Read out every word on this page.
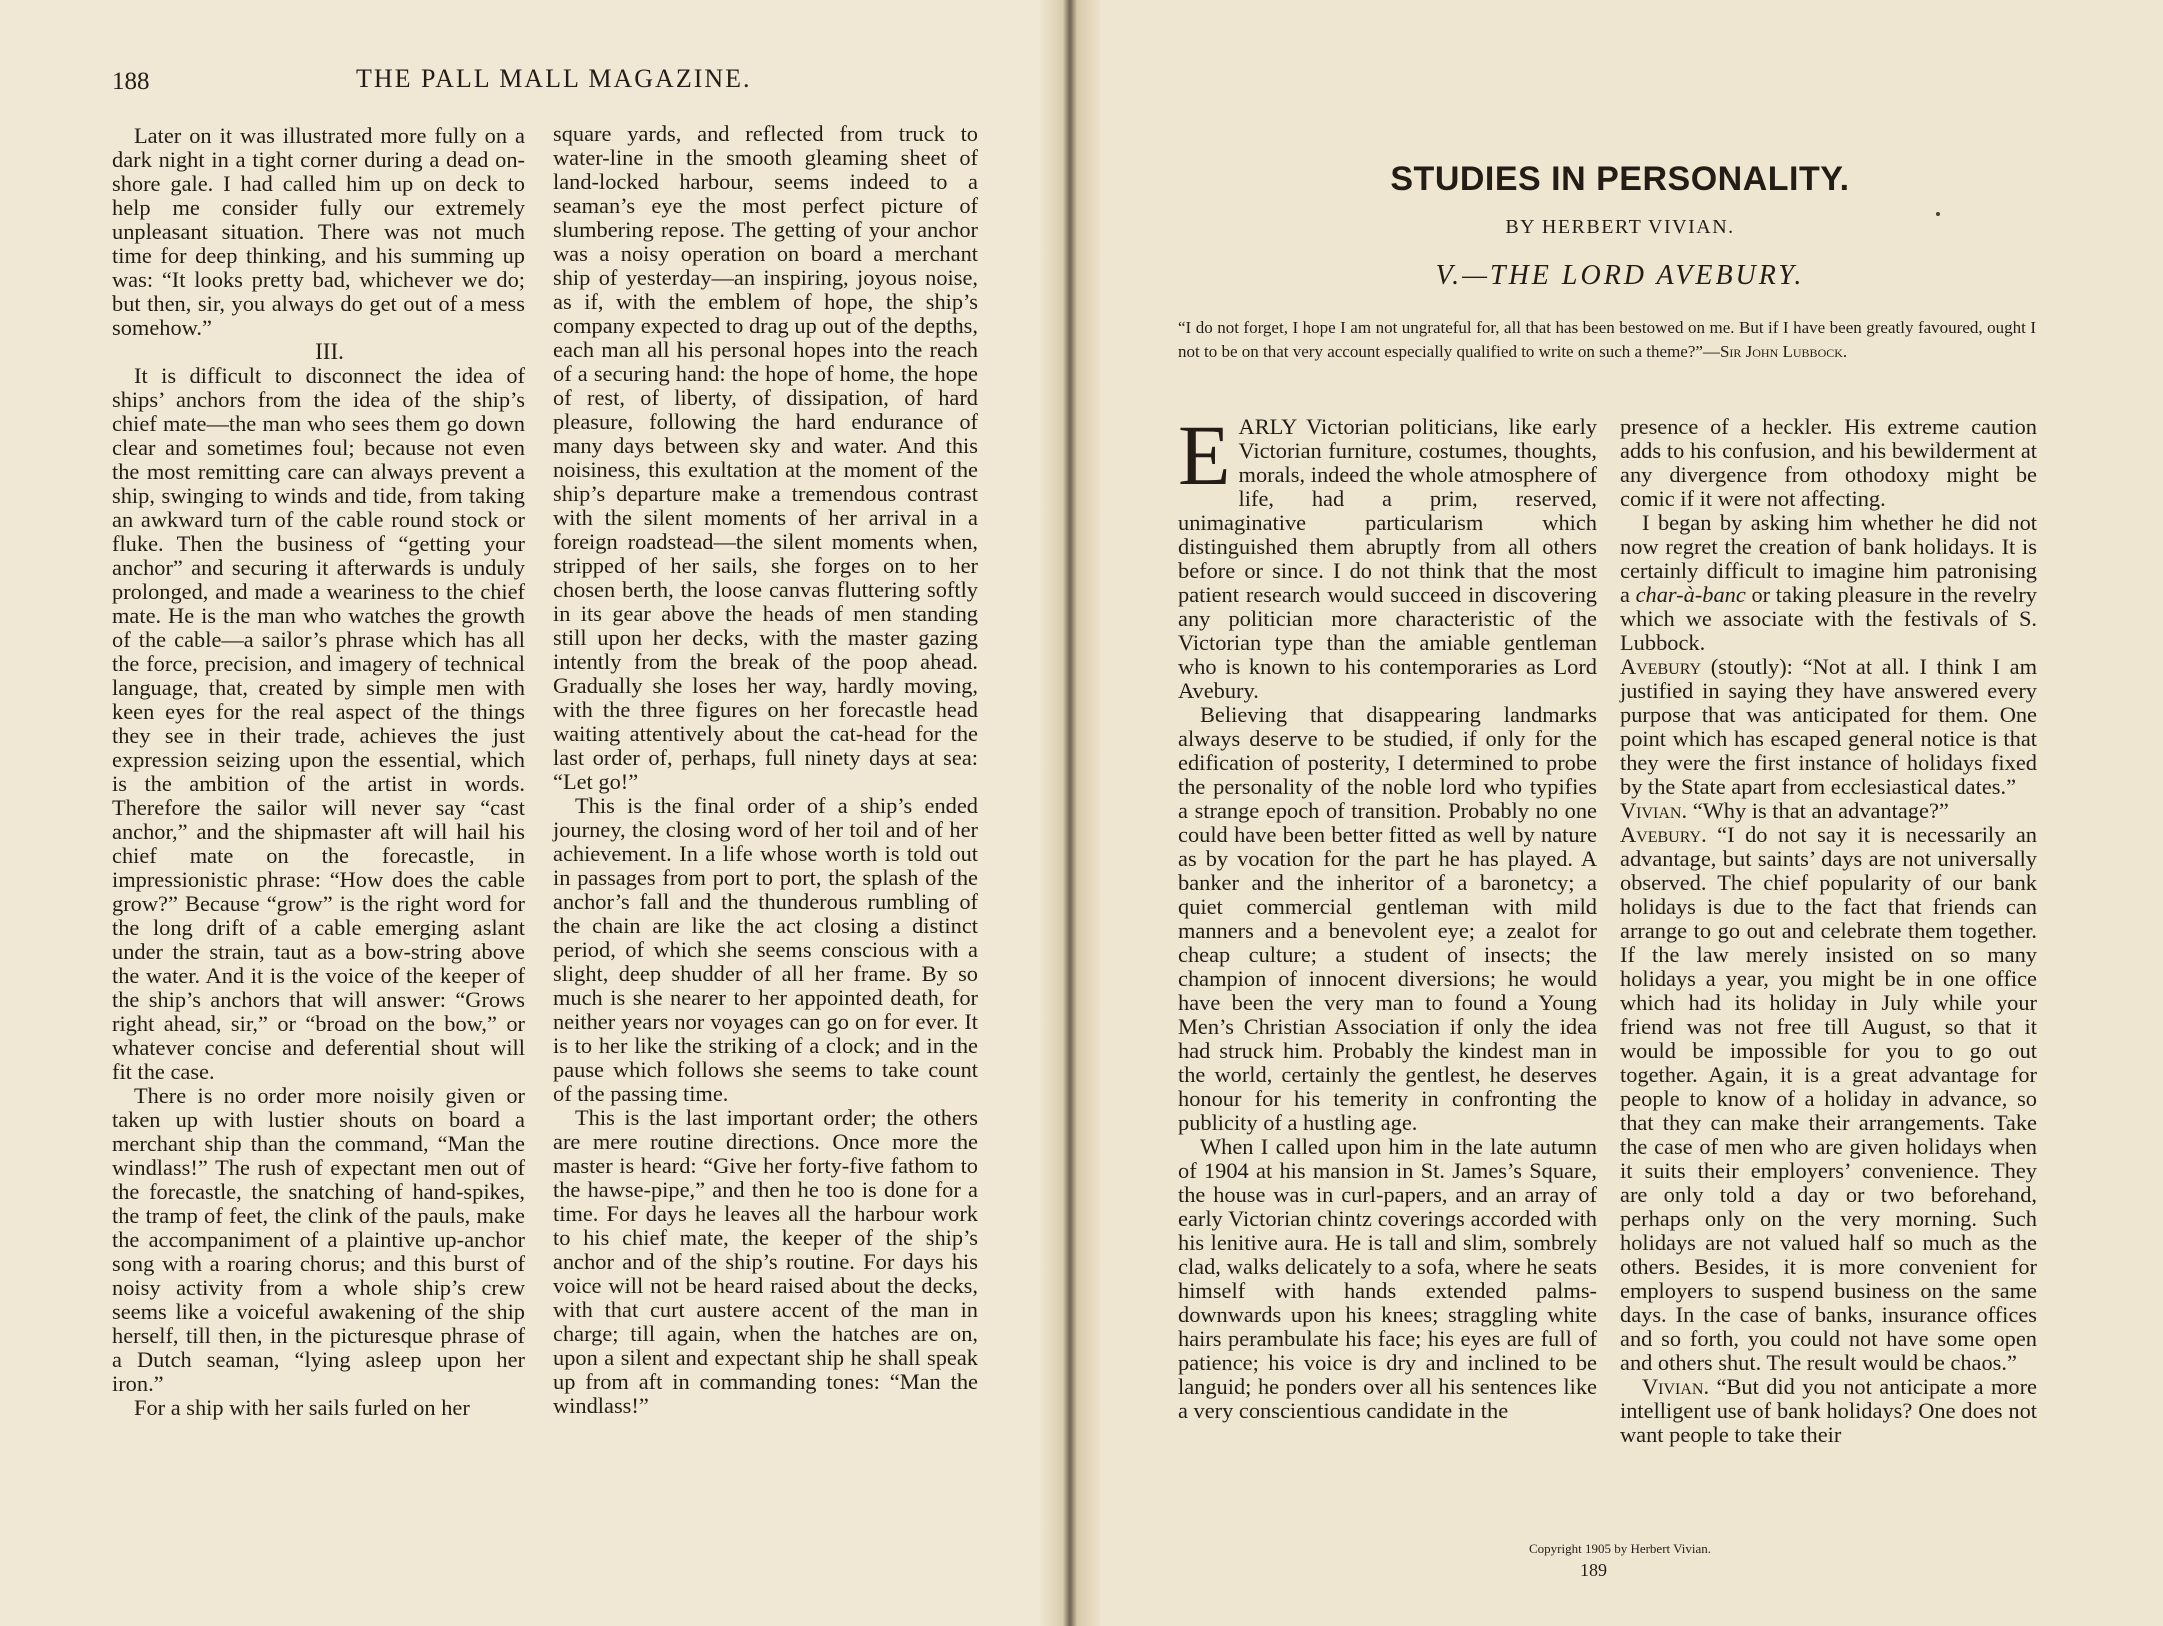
188	THE PALL MALL MAGAZINE.

Later on it was illustrated more fully on a dark night in a tight corner during a dead on-shore gale. I had called him up on deck to help me consider fully our extremely unpleasant situation. There was not much time for deep thinking, and his summing up was: “It looks pretty bad, whichever we do; but then, sir, you always do get out of a mess somehow.”

III.

It is difficult to disconnect the idea of ships’ anchors from the idea of the ship’s chief mate—the man who sees them go down clear and sometimes foul; because not even the most remitting care can always prevent a ship, swinging to winds and tide, from taking an awkward turn of the cable round stock or fluke. Then the business of “getting your anchor” and securing it afterwards is unduly prolonged, and made a weariness to the chief mate. He is the man who watches the growth of the cable—a sailor’s phrase which has all the force, precision, and imagery of technical language, that, created by simple men with keen eyes for the real aspect of the things they see in their trade, achieves the just expression seizing upon the essential, which is the ambition of the artist in words. Therefore the sailor will never say “cast anchor,” and the shipmaster aft will hail his chief mate on the forecastle, in impressionistic phrase: “How does the cable grow?” Because “grow” is the right word for the long drift of a cable emerging aslant under the strain, taut as a bow-string above the water. And it is the voice of the keeper of the ship’s anchors that will answer: “Grows right ahead, sir,” or “broad on the bow,” or whatever concise and deferential shout will fit the case.

There is no order more noisily given or taken up with lustier shouts on board a merchant ship than the command, “Man the windlass!” The rush of expectant men out of the forecastle, the snatching of hand-spikes, the tramp of feet, the clink of the pauls, make the accompaniment of a plaintive up-anchor song with a roaring chorus; and this burst of noisy activity from a whole ship’s crew seems like a voiceful awakening of the ship herself, till then, in the picturesque phrase of a Dutch seaman, “lying asleep upon her iron.”

For a ship with her sails furled on her

square yards, and reflected from truck to water-line in the smooth gleaming sheet of land-locked harbour, seems indeed to a seaman’s eye the most perfect picture of slumbering repose. The getting of your anchor was a noisy operation on board a merchant ship of yesterday—an inspiring, joyous noise, as if, with the emblem of hope, the ship’s company expected to drag up out of the depths, each man all his personal hopes into the reach of a securing hand: the hope of home, the hope of rest, of liberty, of dissipation, of hard pleasure, following the hard endurance of many days between sky and water. And this noisiness, this exultation at the moment of the ship’s departure make a tremendous contrast with the silent moments of her arrival in a foreign roadstead—the silent moments when, stripped of her sails, she forges on to her chosen berth, the loose canvas fluttering softly in its gear above the heads of men standing still upon her decks, with the master gazing intently from the break of the poop ahead. Gradually she loses her way, hardly moving, with the three figures on her forecastle head waiting attentively about the cat-head for the last order of, perhaps, full ninety days at sea: “Let go!”

This is the final order of a ship’s ended journey, the closing word of her toil and of her achievement. In a life whose worth is told out in passages from port to port, the splash of the anchor’s fall and the thunderous rumbling of the chain are like the act closing a distinct period, of which she seems conscious with a slight, deep shudder of all her frame. By so much is she nearer to her appointed death, for neither years nor voyages can go on for ever. It is to her like the striking of a clock; and in the pause which follows she seems to take count of the passing time.

This is the last important order; the others are mere routine directions. Once more the master is heard: “Give her forty-five fathom to the hawse-pipe,” and then he too is done for a time. For days he leaves all the harbour work to his chief mate, the keeper of the ship’s anchor and of the ship’s routine. For days his voice will not be heard raised about the decks, with that curt austere accent of the man in charge; till again, when the hatches are on, upon a silent and expectant ship he shall speak up from aft in commanding tones: “Man the windlass!”

STUDIES IN PERSONALITY.
BY HERBERT VIVIAN.
V.—THE LORD AVEBURY.
“I do not forget, I hope I am not ungrateful for, all that has been bestowed on me. But if I have been greatly favoured, ought I not to be on that very account especially qualified to write on such a theme?”—Sir John Lubbock.

EARLY Victorian politicians, like early Victorian furniture, costumes, thoughts, morals, indeed the whole atmosphere of life, had a prim, reserved, unimaginative particularism which distinguished them abruptly from all others before or since. I do not think that the most patient research would succeed in discovering any politician more characteristic of the Victorian type than the amiable gentleman who is known to his contemporaries as Lord Avebury.

Believing that disappearing landmarks always deserve to be studied, if only for the edification of posterity, I determined to probe the personality of the noble lord who typifies a strange epoch of transition. Probably no one could have been better fitted as well by nature as by vocation for the part he has played. A banker and the inheritor of a baronetcy; a quiet commercial gentleman with mild manners and a benevolent eye; a zealot for cheap culture; a student of insects; the champion of innocent diversions; he would have been the very man to found a Young Men’s Christian Association if only the idea had struck him. Probably the kindest man in the world, certainly the gentlest, he deserves honour for his temerity in confronting the publicity of a hustling age.

When I called upon him in the late autumn of 1904 at his mansion in St. James’s Square, the house was in curl-papers, and an array of early Victorian chintz coverings accorded with his lenitive aura. He is tall and slim, sombrely clad, walks delicately to a sofa, where he seats himself with hands extended palms-downwards upon his knees; straggling white hairs perambulate his face; his eyes are full of patience; his voice is dry and inclined to be languid; he ponders over all his sentences like a very conscientious candidate in the

presence of a heckler. His extreme caution adds to his confusion, and his bewilderment at any divergence from othodoxy might be comic if it were not affecting.

I began by asking him whether he did not now regret the creation of bank holidays. It is certainly difficult to imagine him patronising a char-à-banc or taking pleasure in the revelry which we associate with the festivals of S. Lubbock.

Avebury (stoutly): “Not at all. I think I am justified in saying they have answered every purpose that was anticipated for them. One point which has escaped general notice is that they were the first instance of holidays fixed by the State apart from ecclesiastical dates.”

Vivian. “Why is that an advantage?”

Avebury. “I do not say it is necessarily an advantage, but saints’ days are not universally observed. The chief popularity of our bank holidays is due to the fact that friends can arrange to go out and celebrate them together. If the law merely insisted on so many holidays a year, you might be in one office which had its holiday in July while your friend was not free till August, so that it would be impossible for you to go out together. Again, it is a great advantage for people to know of a holiday in advance, so that they can make their arrangements. Take the case of men who are given holidays when it suits their employers’ convenience. They are only told a day or two beforehand, perhaps only on the very morning. Such holidays are not valued half so much as the others. Besides, it is more convenient for employers to suspend business on the same days. In the case of banks, insurance offices and so forth, you could not have some open and others shut. The result would be chaos.”

Vivian. “But did you not anticipate a more intelligent use of bank holidays? One does not want people to take their

Copyright 1905 by Herbert Vivian.
189
